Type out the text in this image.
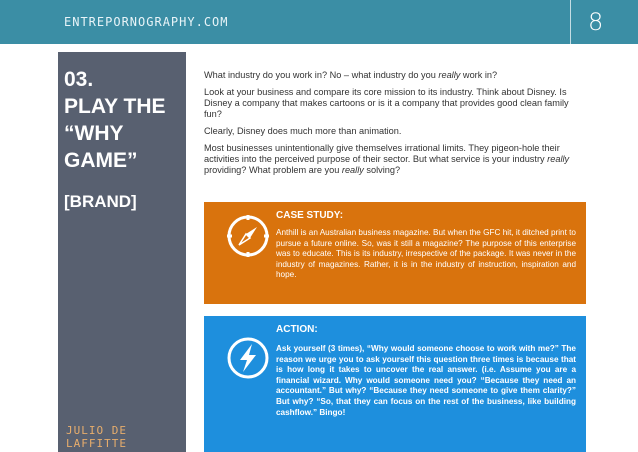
ENTREPORNOGRAPHY.COM	8
03.
PLAY THE
“WHY
GAME”
[BRAND]
JULIO DE LAFFITTE

What industry do you work in? No – what industry do you really work in?

Look at your business and compare its core mission to its industry. Think about Disney. Is Disney a company that makes cartoons or is it a company that provides good clean family fun?

Clearly, Disney does much more than animation.

Most businesses unintentionally give themselves irrational limits. They pigeon-hole their activities into the perceived purpose of their sector. But what service is your industry really providing? What problem are you really solving?

CASE STUDY:
Anthill is an Australian business magazine. But when the GFC hit, it ditched print to pursue a future online. So, was it still a magazine? The purpose of this enterprise was to educate. This is its industry, irrespective of the package. It was never in the industry of magazines. Rather, it is in the industry of instruction, inspiration and hope.
ACTION:
Ask yourself (3 times), “Why would someone choose to work with me?” The reason we urge you to ask yourself this question three times is because that is how long it takes to uncover the real answer. (i.e. Assume you are a financial wizard. Why would someone need you? “Because they need an accountant.” But why? “Because they need someone to give them clarity?” But why? “So, that they can focus on the rest of the business, like building cashflow.” Bingo!
